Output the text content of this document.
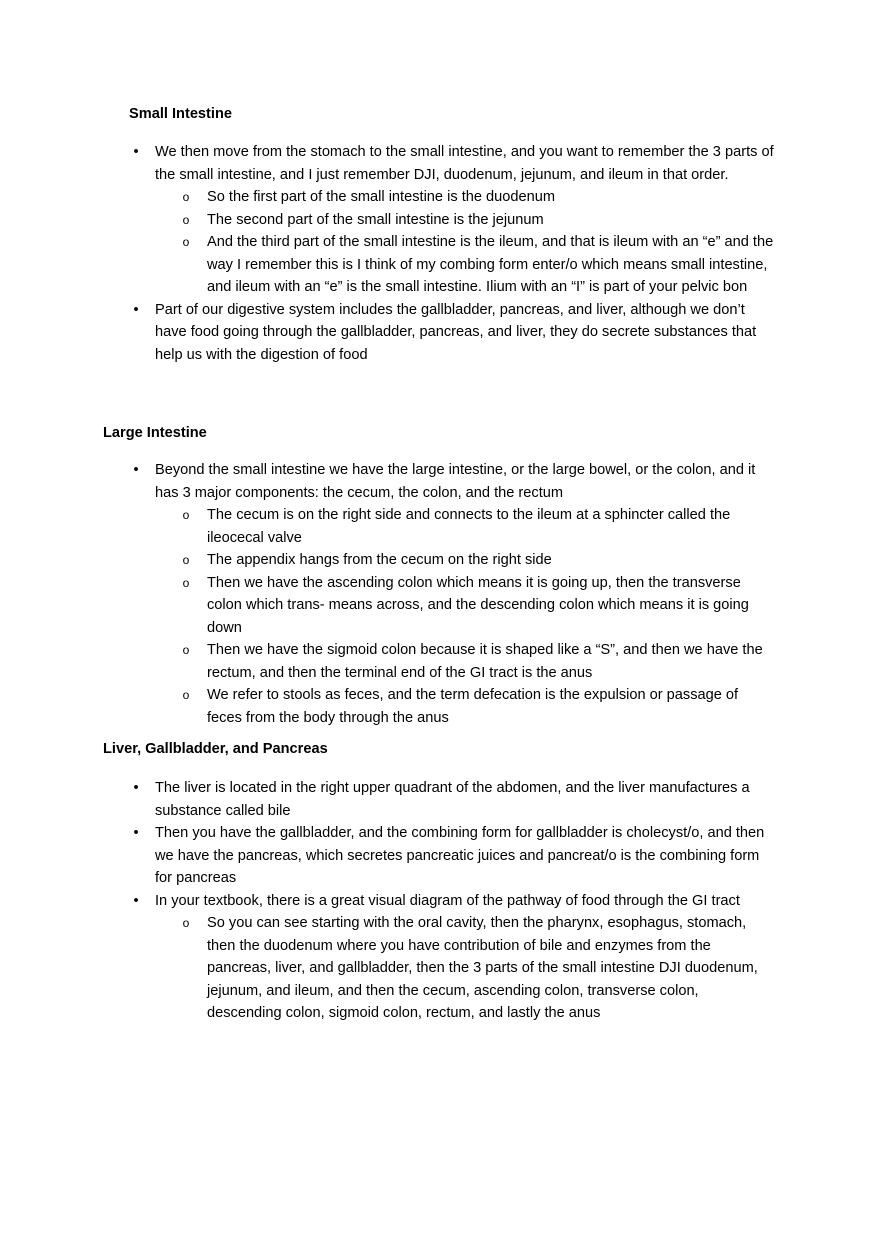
Small Intestine
• We then move from the stomach to the small intestine, and you want to remember the 3 parts of the small intestine, and I just remember DJI, duodenum, jejunum, and ileum in that order.
o So the first part of the small intestine is the duodenum
o The second part of the small intestine is the jejunum
o And the third part of the small intestine is the ileum, and that is ileum with an “e” and the way I remember this is I think of my combing form enter/o which means small intestine, and ileum with an “e” is the small intestine. Ilium with an “I” is part of your pelvic bon
• Part of our digestive system includes the gallbladder, pancreas, and liver, although we don’t have food going through the gallbladder, pancreas, and liver, they do secrete substances that help us with the digestion of food
Large Intestine
• Beyond the small intestine we have the large intestine, or the large bowel, or the colon, and it has 3 major components: the cecum, the colon, and the rectum
o The cecum is on the right side and connects to the ileum at a sphincter called the ileocecal valve
o The appendix hangs from the cecum on the right side
o Then we have the ascending colon which means it is going up, then the transverse colon which trans- means across, and the descending colon which means it is going down
o Then we have the sigmoid colon because it is shaped like a “S”, and then we have the rectum, and then the terminal end of the GI tract is the anus
o We refer to stools as feces, and the term defecation is the expulsion or passage of feces from the body through the anus
Liver, Gallbladder, and Pancreas
• The liver is located in the right upper quadrant of the abdomen, and the liver manufactures a substance called bile
• Then you have the gallbladder, and the combining form for gallbladder is cholecyst/o, and then we have the pancreas, which secretes pancreatic juices and pancreat/o is the combining form for pancreas
• In your textbook, there is a great visual diagram of the pathway of food through the GI tract
o So you can see starting with the oral cavity, then the pharynx, esophagus, stomach, then the duodenum where you have contribution of bile and enzymes from the pancreas, liver, and gallbladder, then the 3 parts of the small intestine DJI duodenum, jejunum, and ileum, and then the cecum, ascending colon, transverse colon, descending colon, sigmoid colon, rectum, and lastly the anus
